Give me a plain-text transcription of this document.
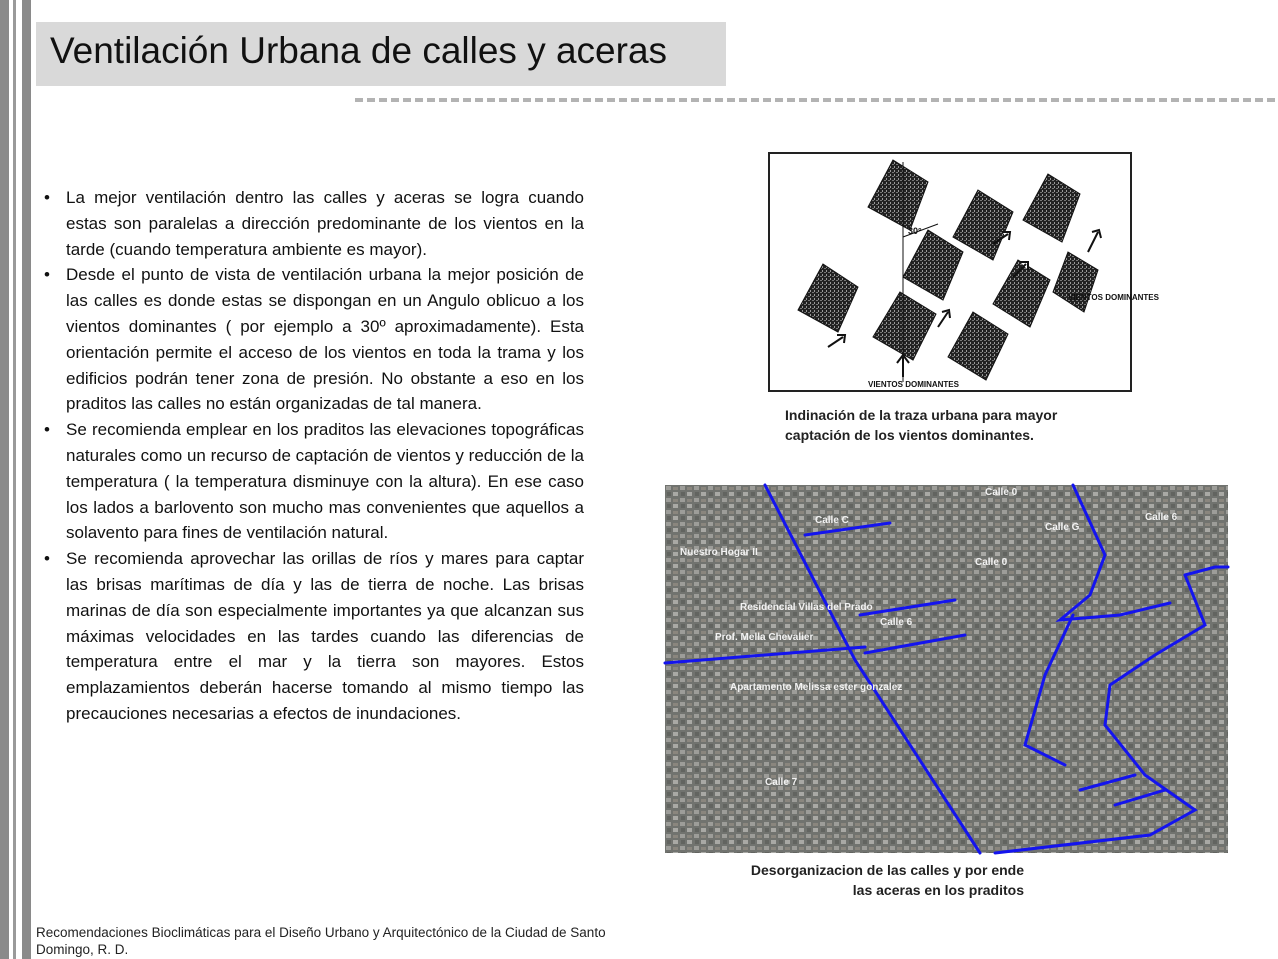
Ventilación Urbana de calles y aceras
• La mejor ventilación dentro las calles y aceras se logra cuando estas son paralelas a dirección predominante de los vientos en la tarde (cuando temperatura ambiente es mayor).
• Desde el punto de vista de ventilación urbana la mejor posición de las calles es donde estas se dispongan en un Angulo oblicuo a los vientos dominantes ( por ejemplo a 30º aproximadamente). Esta orientación permite el acceso de los vientos en toda la trama y los edificios podrán tener zona de presión. No obstante a eso en los praditos las calles no están organizadas de tal manera.
• Se recomienda emplear en los praditos las elevaciones topográficas naturales como un recurso de captación de vientos y reducción de la temperatura ( la temperatura disminuye con la altura). En ese caso los lados a barlovento son mucho mas convenientes que aquellos a solavento para fines de ventilación natural.
• Se recomienda aprovechar las orillas de ríos y mares para captar las brisas marítimas de día y las de tierra de noche. Las brisas marinas de día son especialmente importantes ya que alcanzan sus máximas velocidades en las tardes cuando las diferencias de temperatura entre el mar y la tierra son mayores. Estos emplazamientos deberán hacerse tomando al mismo tiempo las precauciones necesarias a efectos de inundaciones.
Recomendaciones Bioclimáticas para el Diseño Urbano y Arquitectónico de la Ciudad de Santo Domingo, R. D.
30°
VIENTOS DOMINANTES
VIENTOS DOMINANTES
Indinación de la traza urbana para mayor captación de los vientos dominantes.
Nuestro Hogar II
Calle 0
Calle C
Calle G
Calle 6
Calle 0
Residencial Villas del Prado
Calle 6
Prof. Mella Chevalier
Apartamento Melissa ester gonzalez
Calle 7
Desorganizacion de las calles y por ende
las aceras en los praditos
